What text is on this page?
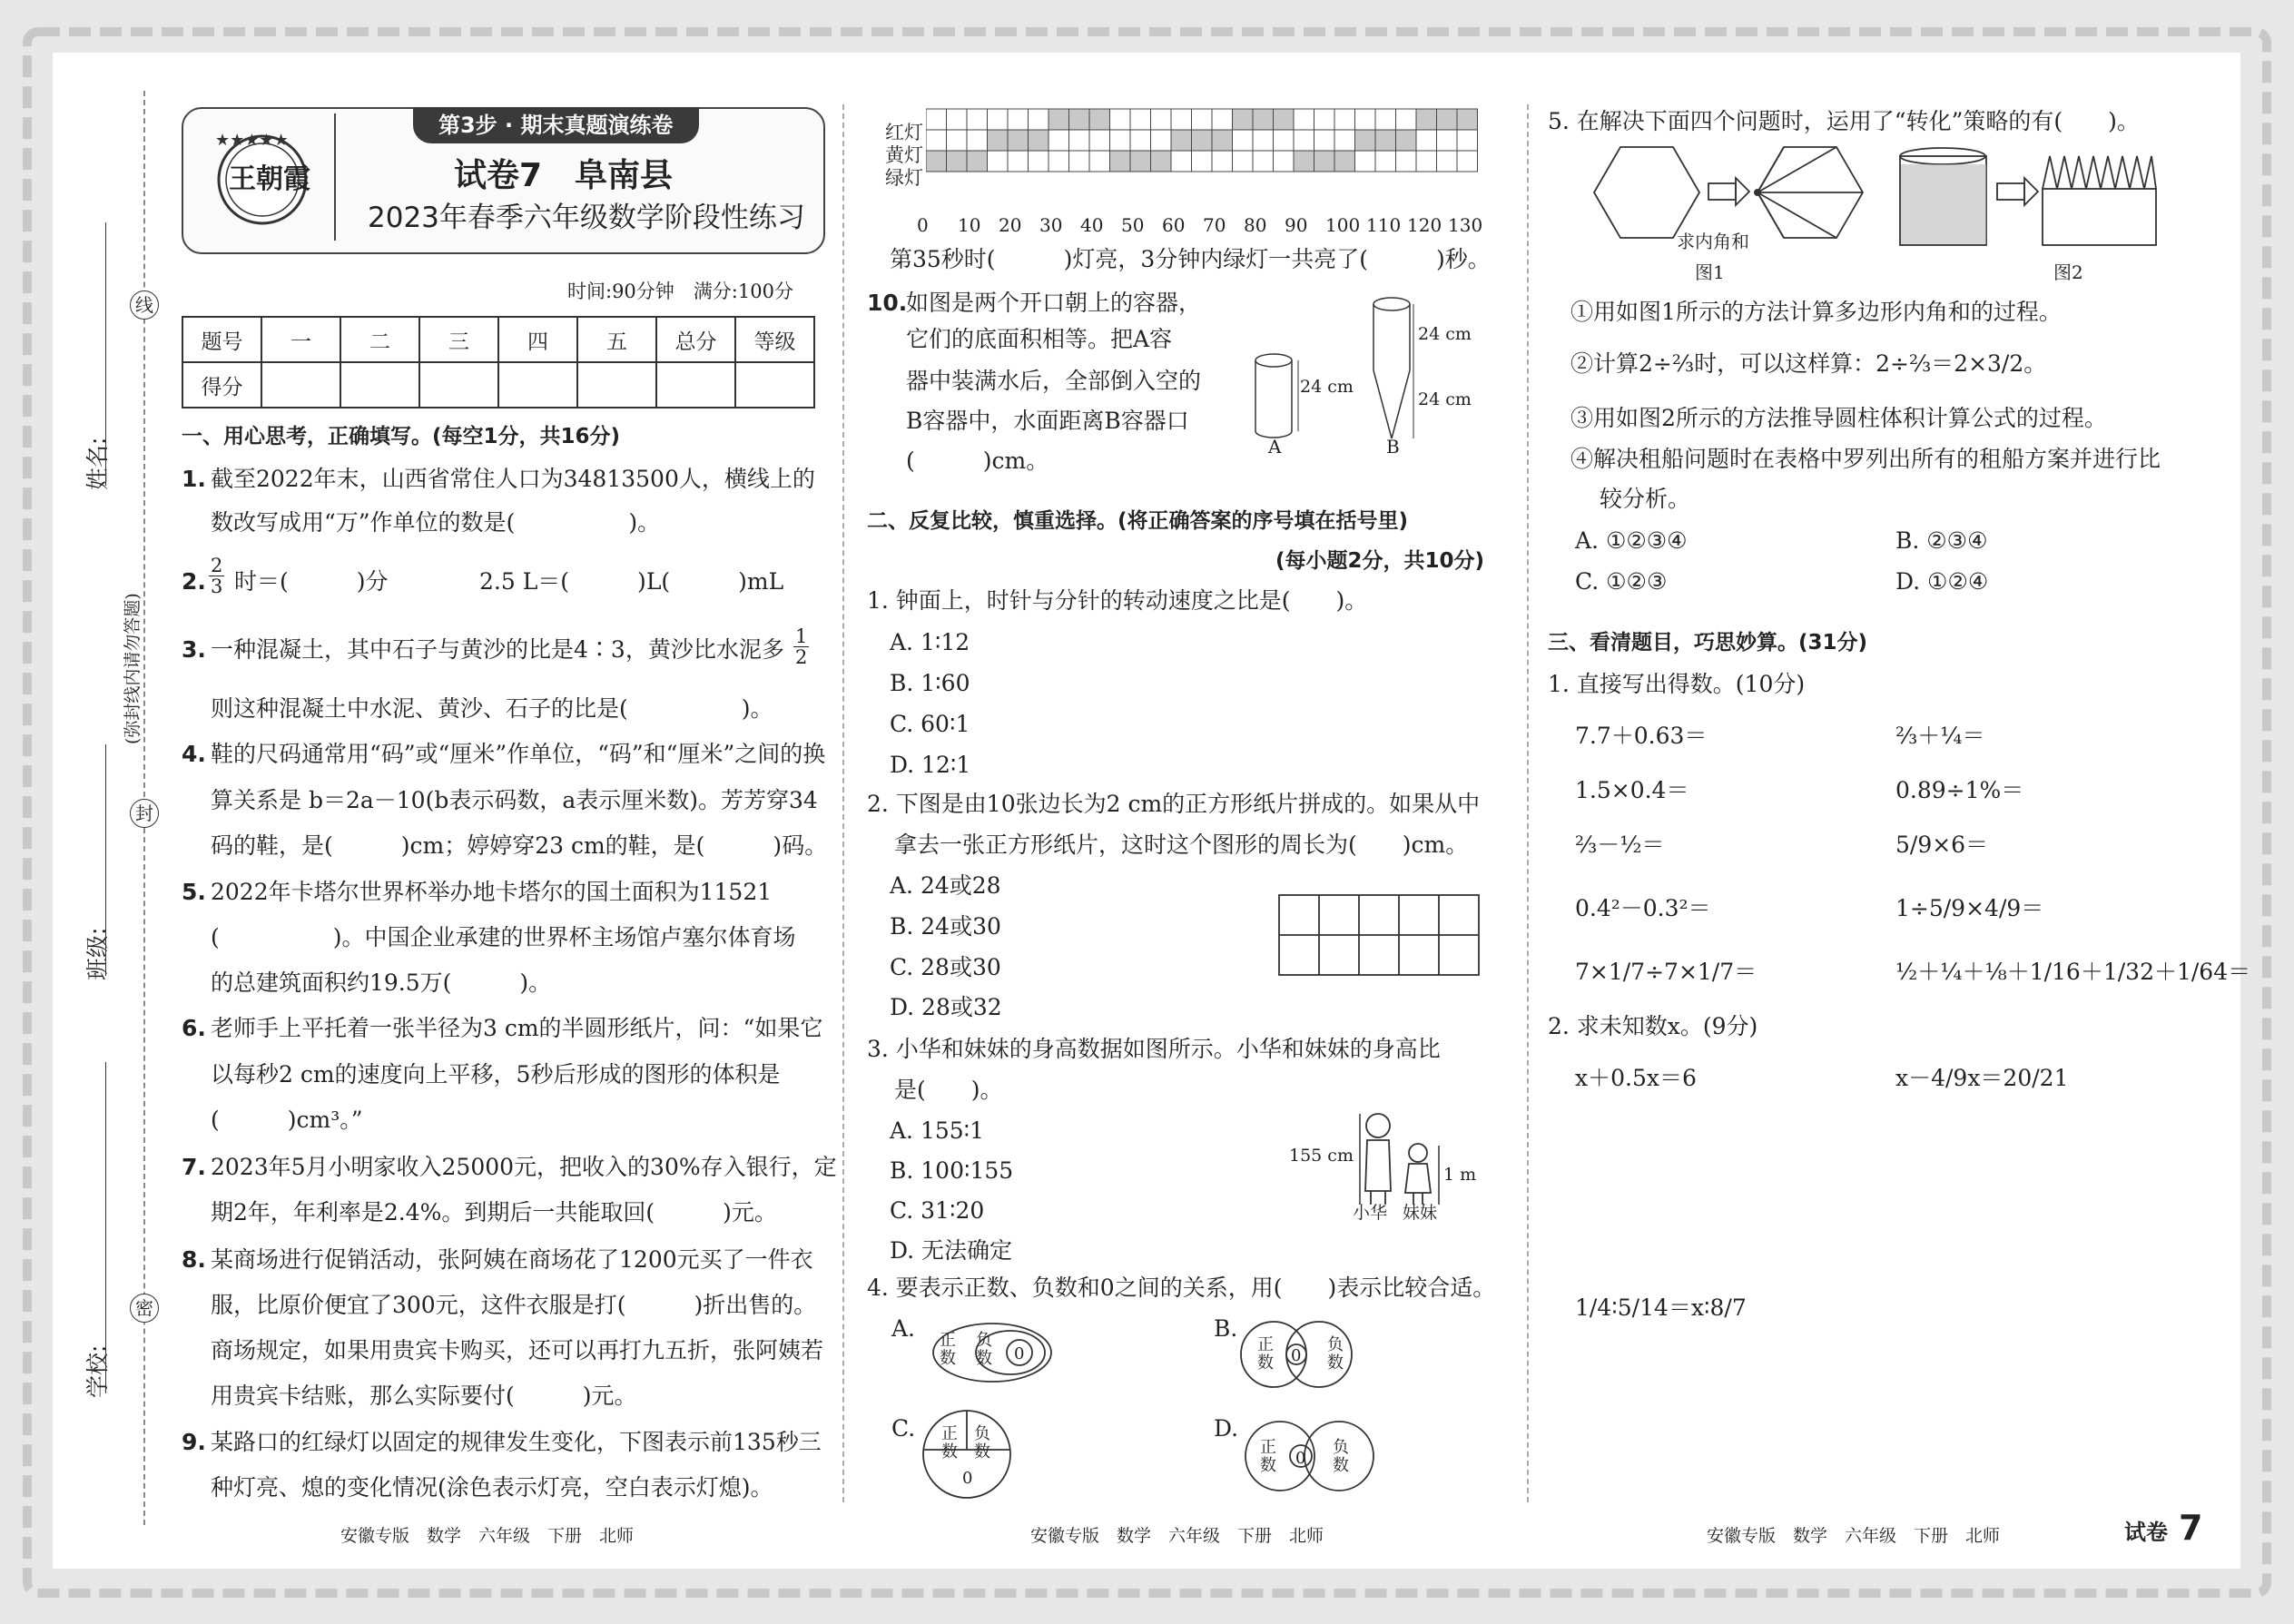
姓名:
班级:
学校:
线
封
密
(弥封线内请勿答题)
★★★★★
王朝霞
第3步 · 期末真题演练卷
试卷7　阜南县
2023年春季六年级数学阶段性练习
时间:90分钟　满分:100分
题号	一	二	三	四	五	总分	等级
得分							
一、用心思考，正确填写。(每空1分，共16分)
1. 截至2022年末，山西省常住人口为34813500人，横线上的
数改写成用“万”作单位的数是(　　　　　)。
2. $\frac{2}{3}$ 时＝(　　　)分	2.5 L＝(　　　)L(　　　)mL
3. 一种混凝土，其中石子与黄沙的比是4∶3，黄沙比水泥多 $\frac{1}{2}$
则这种混凝土中水泥、黄沙、石子的比是(　　　　　)。
4. 鞋的尺码通常用“码”或“厘米”作单位，“码”和“厘米”之间的换
算关系是 b＝2a－10(b表示码数，a表示厘米数)。芳芳穿34
码的鞋，是(　　　)cm；婷婷穿23 cm的鞋，是(　　　)码。
5. 2022年卡塔尔世界杯举办地卡塔尔的国土面积为11521
(　　　　　)。中国企业承建的世界杯主场馆卢塞尔体育场
的总建筑面积约19.5万(　　　)。
6. 老师手上平托着一张半径为3 cm的半圆形纸片，问：“如果它
以每秒2 cm的速度向上平移，5秒后形成的图形的体积是
(　　　)cm³。”
7. 2023年5月小明家收入25000元，把收入的30%存入银行，定
期2年，年利率是2.4%。到期后一共能取回(　　　)元。
8. 某商场进行促销活动，张阿姨在商场花了1200元买了一件衣
服，比原价便宜了300元，这件衣服是打(　　　)折出售的。
商场规定，如果用贵宾卡购买，还可以再打九五折，张阿姨若
用贵宾卡结账，那么实际要付(　　　)元。
9. 某路口的红绿灯以固定的规律发生变化，下图表示前135秒三
种灯亮、熄的变化情况(涂色表示灯亮，空白表示灯熄)。
红灯
黄灯
绿灯
0 10 20 30 40 50 60 70 80 90 100 110 120 130
第35秒时(　　　)灯亮，3分钟内绿灯一共亮了(　　　)秒。
10.
如图是两个开口朝上的容器，
它们的底面积相等。把A容
器中装满水后，全部倒入空的
B容器中，水面距离B容器口
(　　　)cm。
24 cm
24 cm
24 cm
A	B
二、反复比较，慎重选择。(将正确答案的序号填在括号里)
(每小题2分，共10分)
1. 钟面上，时针与分针的转动速度之比是(　　)。
A. 1∶12
B. 1∶60
C. 60∶1
D. 12∶1
2. 下图是由10张边长为2 cm的正方形纸片拼成的。如果从中
拿去一张正方形纸片，这时这个图形的周长为(　　)cm。
A. 24或28
B. 24或30
C. 28或30
D. 28或32
3. 小华和妹妹的身高数据如图所示。小华和妹妹的身高比
是(　　)。
A. 155∶1
B. 100∶155
C. 31∶20
D. 无法确定
155 cm
1 m
小华 妹妹
4. 要表示正数、负数和0之间的关系，用(　　)表示比较合适。
A.	B.
C.	D.
正数
负数 0	正数 0
负数
正数
负数
0
正数 0
负数
5. 在解决下面四个问题时，运用了“转化”策略的有(　　)。
求内角和
图1	图2
①用如图1所示的方法计算多边形内角和的过程。
②计算2÷⅔时，可以这样算：2÷⅔＝2×3/2。
③用如图2所示的方法推导圆柱体积计算公式的过程。
④解决租船问题时在表格中罗列出所有的租船方案并进行比
较分析。
A. ①②③④	B. ②③④
C. ①②③	D. ①②④
三、看清题目，巧思妙算。(31分)
1. 直接写出得数。(10分)
7.7＋0.63＝	⅔＋¼＝
1.5×0.4＝	0.89÷1%＝
⅔－½＝	5/9×6＝
0.4²－0.3²＝	1÷5/9×4/9＝
7×1/7÷7×1/7＝	½＋¼＋⅛＋1/16＋1/32＋1/64＝
2. 求未知数x。(9分)
x＋0.5x＝6	x－4/9x＝20/21
1/4∶5/14＝x∶8/7
安徽专版　数学　六年级　下册　北师	安徽专版　数学　六年级　下册　北师	安徽专版　数学　六年级　下册　北师	试卷 7
